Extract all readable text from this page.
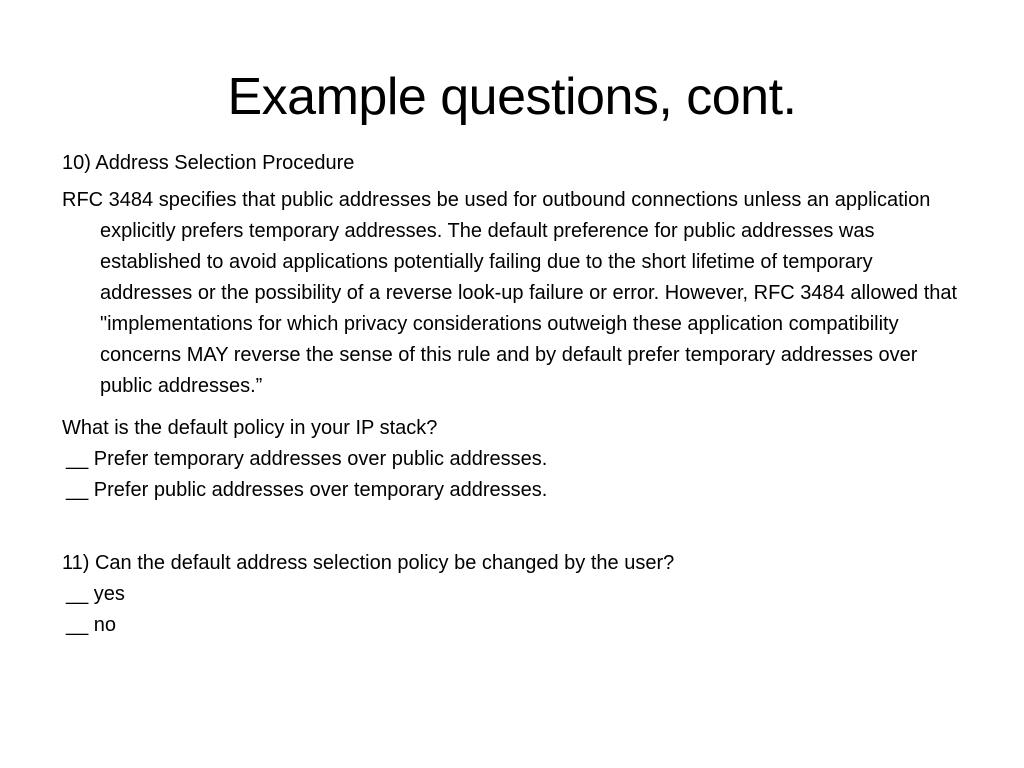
Example questions, cont.

10) Address Selection Procedure

RFC 3484 specifies that public addresses be used for outbound connections unless an application explicitly prefers temporary addresses. The default preference for public addresses was established to avoid applications potentially failing due to the short lifetime of temporary addresses or the possibility of a reverse look-up failure or error. However, RFC 3484 allowed that "implementations for which privacy considerations outweigh these application compatibility concerns MAY reverse the sense of this rule and by default prefer temporary addresses over public addresses.”

What is the default policy in your IP stack?

__ Prefer temporary addresses over public addresses.

__ Prefer public addresses over temporary addresses.

11) Can the default address selection policy be changed by the user?

__ yes

__ no
